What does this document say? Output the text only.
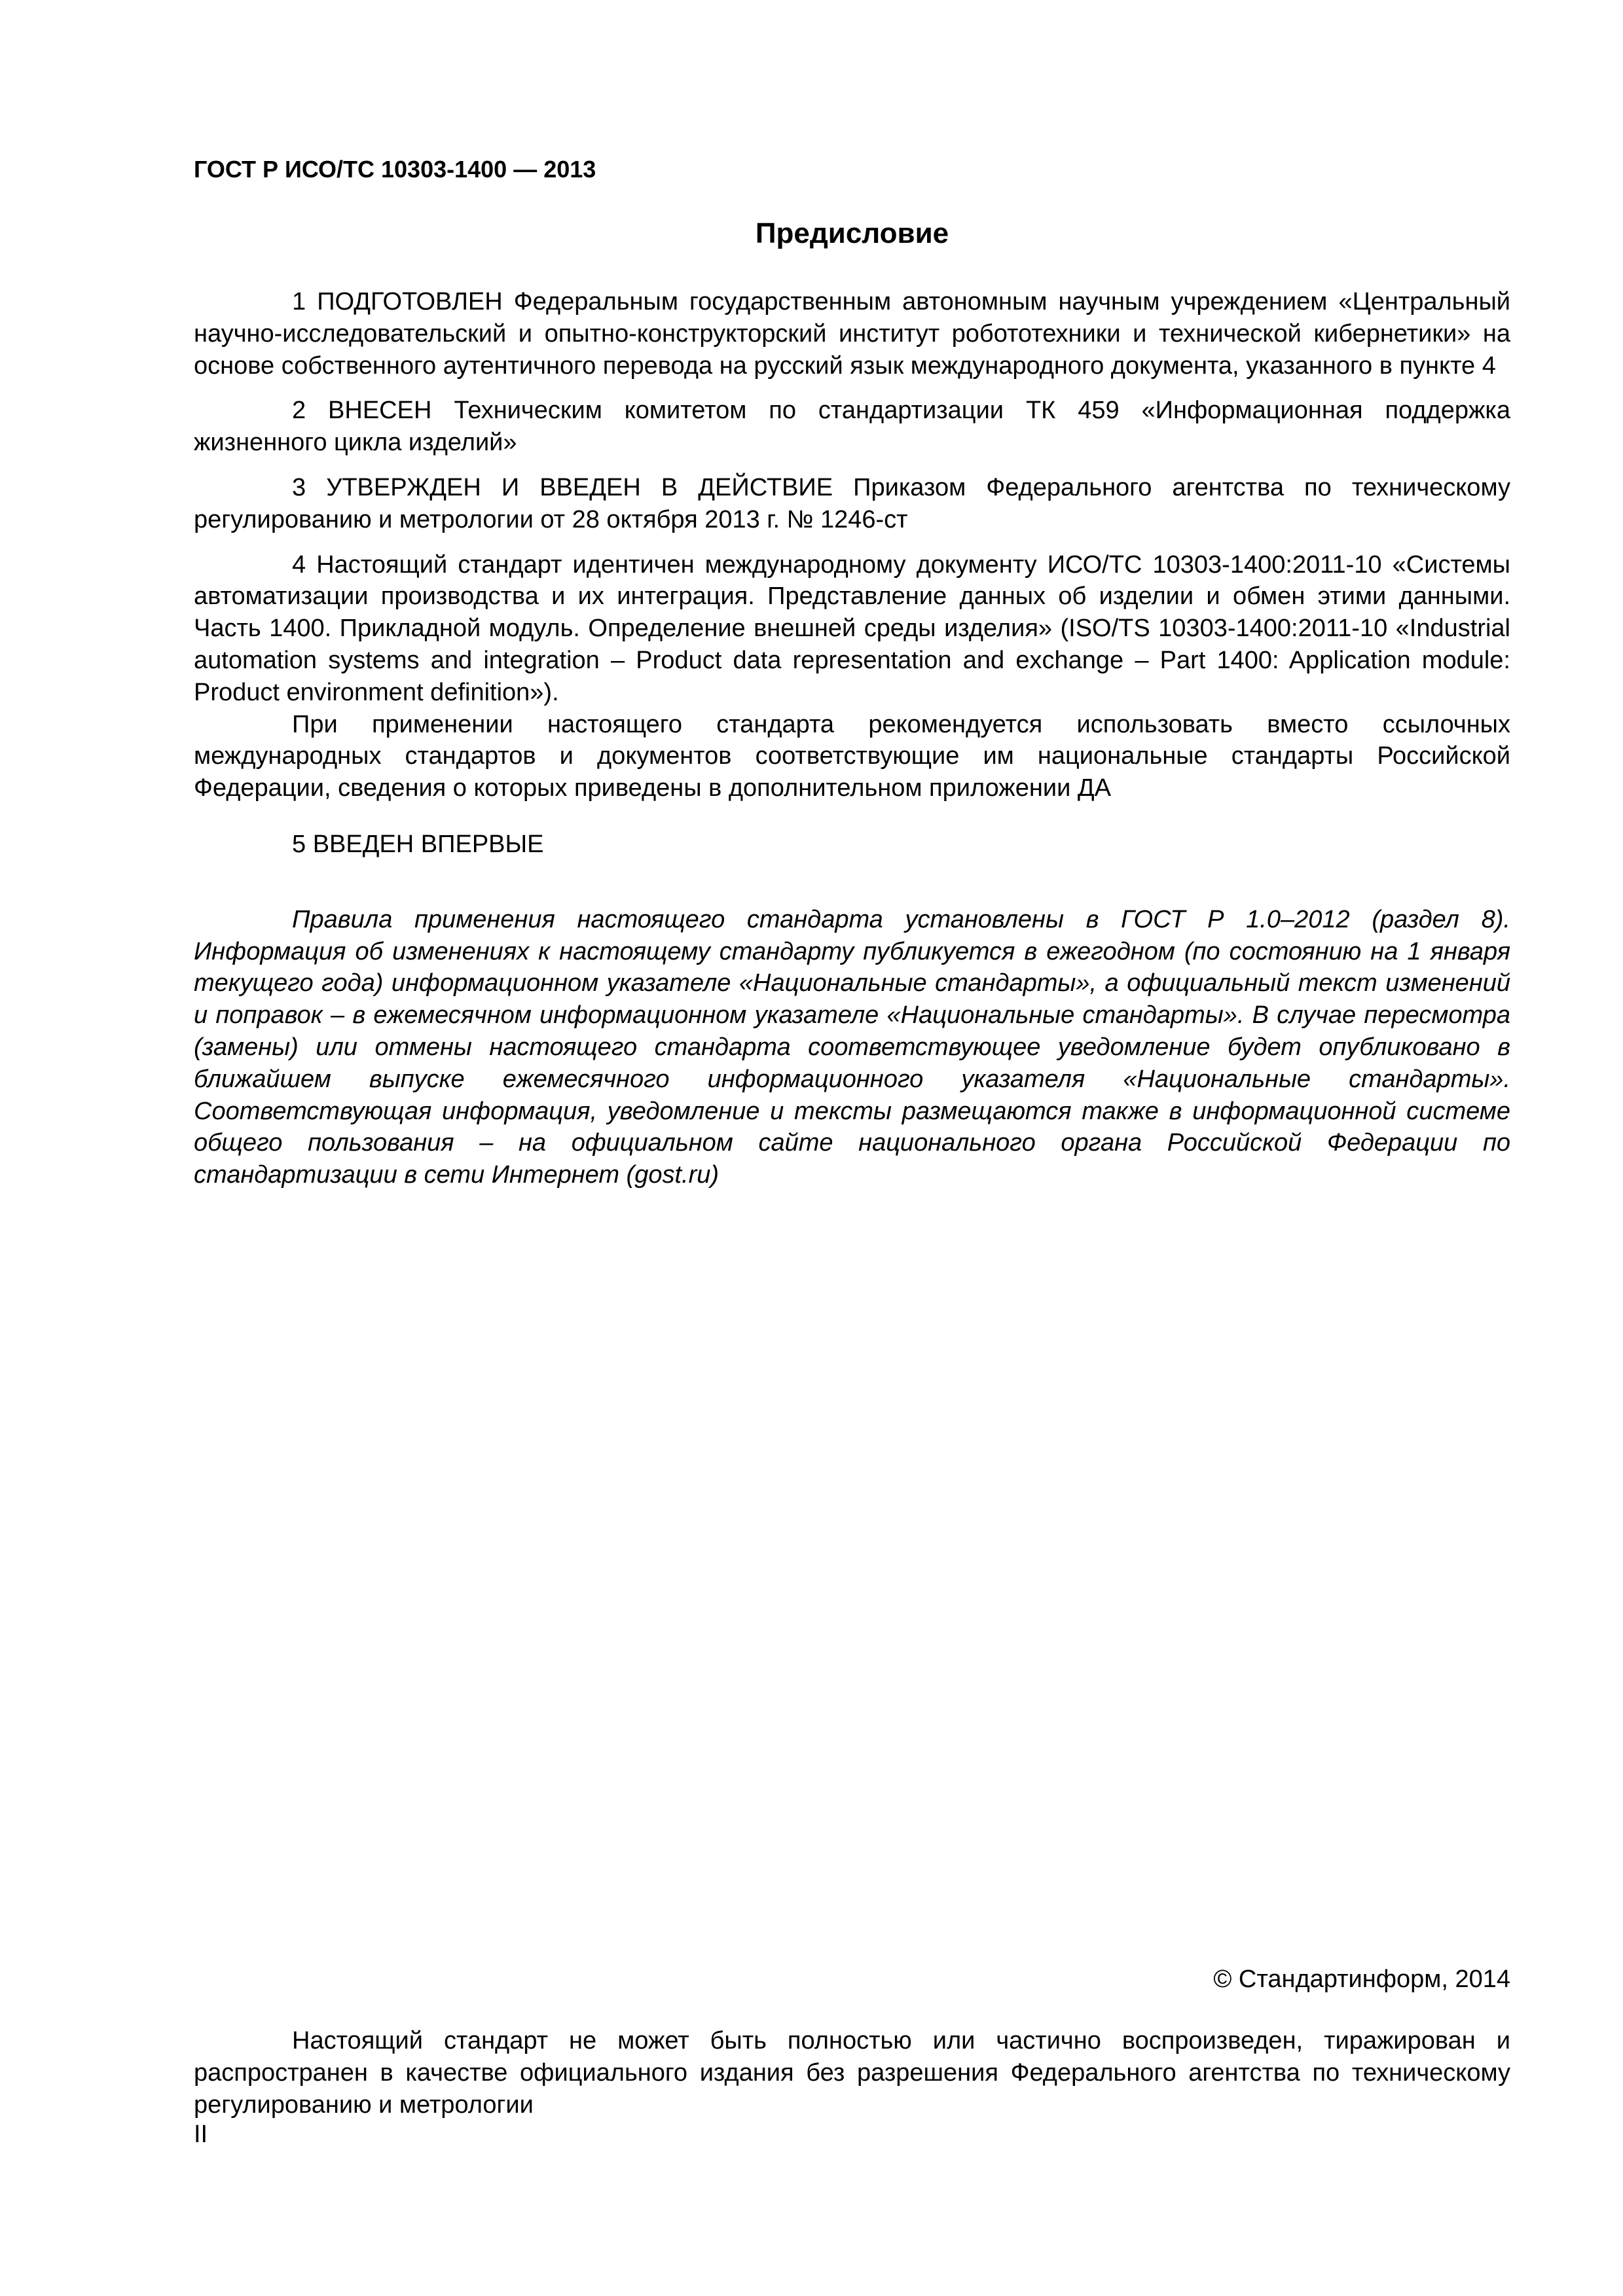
ГОСТ Р ИСО/ТС 10303-1400 — 2013
Предисловие

1 ПОДГОТОВЛЕН Федеральным государственным автономным научным учреждением «Центральный научно-исследовательский и опытно-конструкторский институт робототехники и технической кибернетики» на основе собственного аутентичного перевода на русский язык международного документа, указанного в пункте 4

2 ВНЕСЕН Техническим комитетом по стандартизации ТК 459 «Информационная поддержка жизненного цикла изделий»

3 УТВЕРЖДЕН И ВВЕДЕН В ДЕЙСТВИЕ Приказом Федерального агентства по техническому регулированию и метрологии от 28 октября 2013 г. № 1246-ст

4 Настоящий стандарт идентичен международному документу ИСО/ТС 10303-1400:2011-10 «Системы автоматизации производства и их интеграция. Представление данных об изделии и обмен этими данными. Часть 1400. Прикладной модуль. Определение внешней среды изделия» (ISO/TS 10303-1400:2011-10 «Industrial automation systems and integration – Product data representation and exchange – Part 1400: Application module: Product environment definition»).

При применении настоящего стандарта рекомендуется использовать вместо ссылочных международных стандартов и документов соответствующие им национальные стандарты Российской Федерации, сведения о которых приведены в дополнительном приложении ДА

5 ВВЕДЕН ВПЕРВЫЕ

Правила применения настоящего стандарта установлены в ГОСТ Р 1.0–2012 (раздел 8). Информация об изменениях к настоящему стандарту публикуется в ежегодном (по состоянию на 1 января текущего года) информационном указателе «Национальные стандарты», а официальный текст изменений и поправок – в ежемесячном информационном указателе «Национальные стандарты». В случае пересмотра (замены) или отмены настоящего стандарта соответствующее уведомление будет опубликовано в ближайшем выпуске ежемесячного информационного указателя «Национальные стандарты». Соответствующая информация, уведомление и тексты размещаются также в информационной системе общего пользования – на официальном сайте национального органа Российской Федерации по стандартизации в сети Интернет (gost.ru)

© Стандартинформ, 2014

Настоящий стандарт не может быть полностью или частично воспроизведен, тиражирован и распространен в качестве официального издания без разрешения Федерального агентства по техническому регулированию и метрологии

II
